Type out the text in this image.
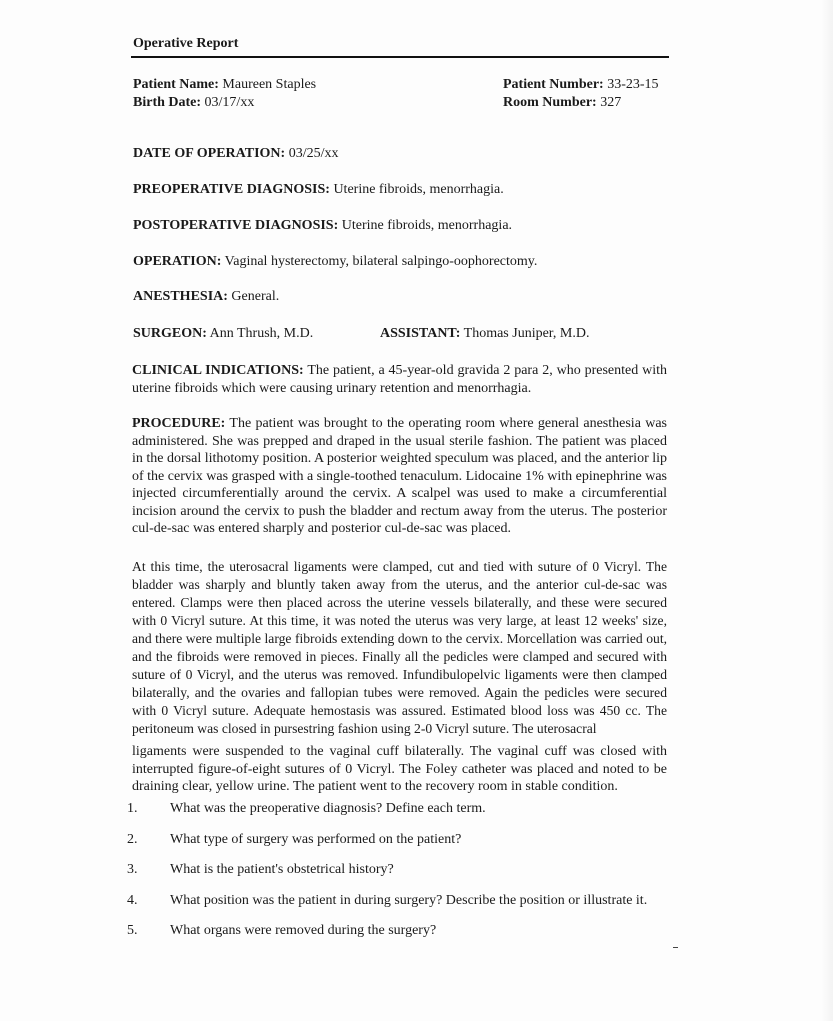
Operative Report
Patient Name: Maureen Staples
Birth Date: 03/17/xx
Patient Number: 33-23-15
Room Number: 327
DATE OF OPERATION: 03/25/xx
PREOPERATIVE DIAGNOSIS: Uterine fibroids, menorrhagia.
POSTOPERATIVE DIAGNOSIS: Uterine fibroids, menorrhagia.
OPERATION: Vaginal hysterectomy, bilateral salpingo-oophorectomy.
ANESTHESIA: General.
SURGEON: Ann Thrush, M.D.	ASSISTANT: Thomas Juniper, M.D.

CLINICAL INDICATIONS: The patient, a 45-year-old gravida 2 para 2, who presented with uterine fibroids which were causing urinary retention and menorrhagia.

PROCEDURE: The patient was brought to the operating room where general anesthesia was administered. She was prepped and draped in the usual sterile fashion. The patient was placed in the dorsal lithotomy position. A posterior weighted speculum was placed, and the anterior lip of the cervix was grasped with a single-toothed tenaculum. Lidocaine 1% with epinephrine was injected circumferentially around the cervix. A scalpel was used to make a circumferential incision around the cervix to push the bladder and rectum away from the uterus. The posterior cul-de-sac was entered sharply and posterior cul-de-sac was placed.

At this time, the uterosacral ligaments were clamped, cut and tied with suture of 0 Vicryl. The bladder was sharply and bluntly taken away from the uterus, and the anterior cul-de-sac was entered. Clamps were then placed across the uterine vessels bilaterally, and these were secured with 0 Vicryl suture. At this time, it was noted the uterus was very large, at least 12 weeks' size, and there were multiple large fibroids extending down to the cervix. Morcellation was carried out, and the fibroids were removed in pieces. Finally all the pedicles were clamped and secured with suture of 0 Vicryl, and the uterus was removed. Infundibulopelvic ligaments were then clamped bilaterally, and the ovaries and fallopian tubes were removed. Again the pedicles were secured with 0 Vicryl suture. Adequate hemostasis was assured. Estimated blood loss was 450 cc. The peritoneum was closed in pursestring fashion using 2-0 Vicryl suture. The uterosacral

ligaments were suspended to the vaginal cuff bilaterally. The vaginal cuff was closed with interrupted figure-of-eight sutures of 0 Vicryl. The Foley catheter was placed and noted to be draining clear, yellow urine. The patient went to the recovery room in stable condition.

1.	What was the preoperative diagnosis? Define each term.
2.	What type of surgery was performed on the patient?
3.	What is the patient's obstetrical history?
4.	What position was the patient in during surgery? Describe the position or illustrate it.
5.	What organs were removed during the surgery?
